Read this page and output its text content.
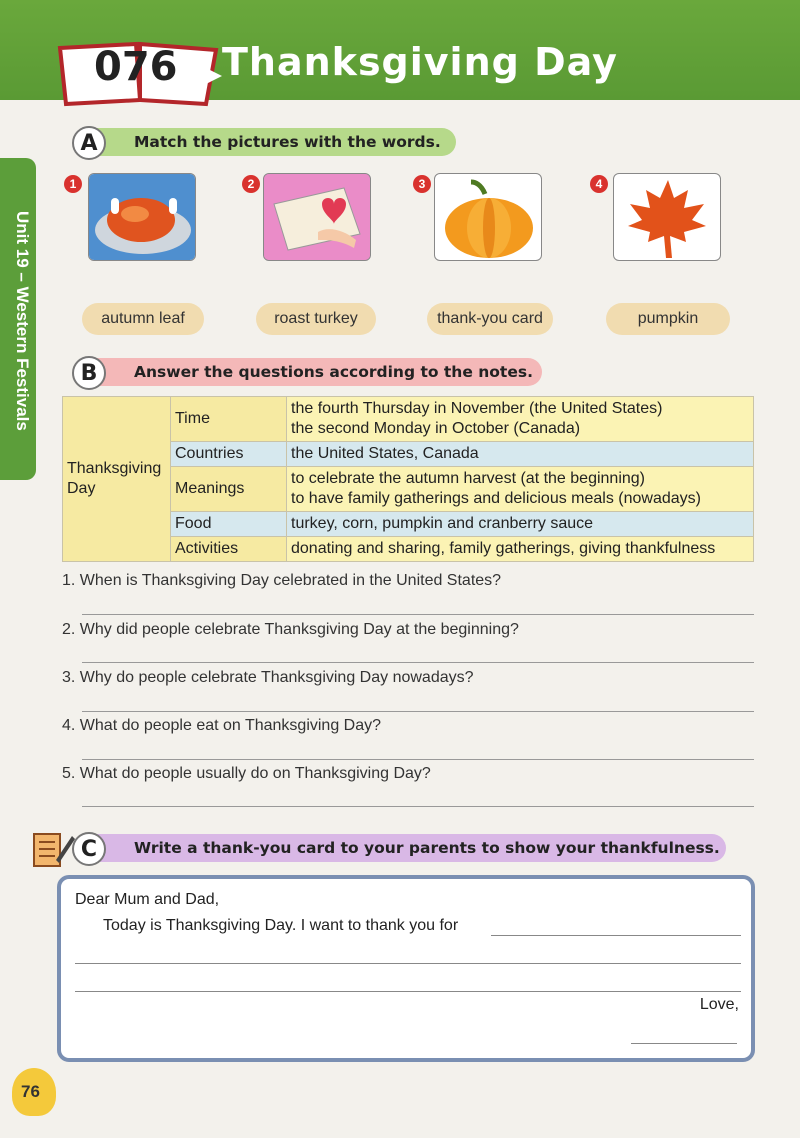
076 Thanksgiving Day
Unit 19 – Western Festivals
Match the pictures with the words.
A
1	2	3	4
autumn leaf	roast turkey	thank-you card	pumpkin
Answer the questions according to the notes.
B
Thanksgiving Day	Time	the fourth Thursday in November (the United States)
the second Monday in October (Canada)

	Countries	the United States, Canada
	Meanings	to celebrate the autumn harvest (at the beginning)
to have family gatherings and delicious meals (nowadays)

	Food	turkey, corn, pumpkin and cranberry sauce
	Activities	donating and sharing, family gatherings, giving thankfulness
1. When is Thanksgiving Day celebrated in the United States?
2. Why did people celebrate Thanksgiving Day at the beginning?
3. Why do people celebrate Thanksgiving Day nowadays?
4. What do people eat on Thanksgiving Day?
5. What do people usually do on Thanksgiving Day?
Write a thank-you card to your parents to show your thankfulness.
C
Dear Mum and Dad,
Today is Thanksgiving Day. I want to thank you for
Love,
76
